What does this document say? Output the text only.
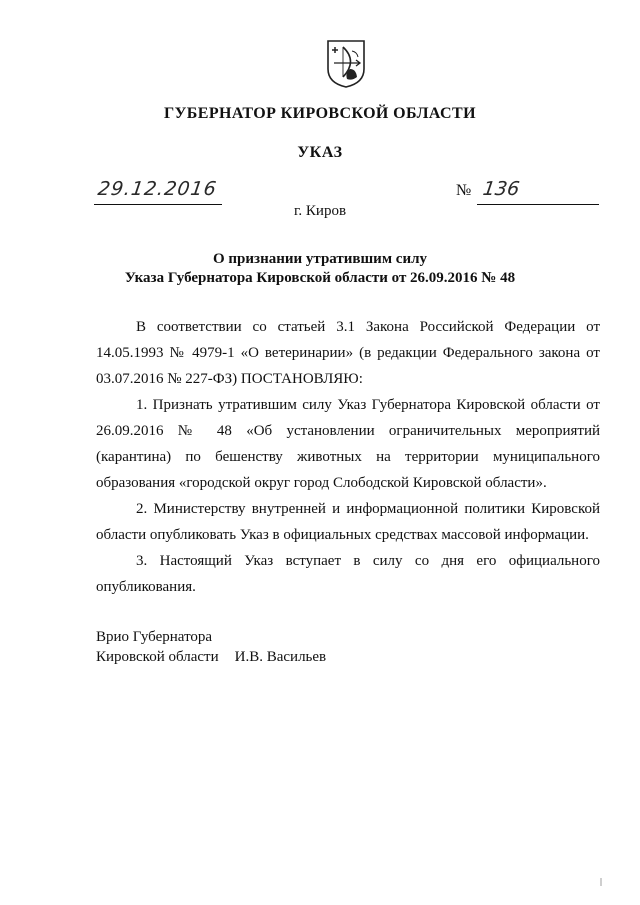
ГУБЕРНАТОР КИРОВСКОЙ ОБЛАСТИ
УКАЗ
29.12.2016	№ 136
г. Киров
О признании утратившим силу
Указа Губернатора Кировской области от 26.09.2016 № 48

В соответствии со статьей 3.1 Закона Российской Федерации от 14.05.1993 № 4979-1 «О ветеринарии» (в редакции Федерального закона от 03.07.2016 № 227-ФЗ) ПОСТАНОВЛЯЮ:

1. Признать утратившим силу Указ Губернатора Кировской области от 26.09.2016 № 48 «Об установлении ограничительных мероприятий (карантина) по бешенству животных на территории муниципального образования «городской округ город Слободской Кировской области».

2. Министерству внутренней и информационной политики Кировской области опубликовать Указ в официальных средствах массовой информации.

3. Настоящий Указ вступает в силу со дня его официального опубликования.

Врио Губернатора
Кировской области И.В. Васильев
